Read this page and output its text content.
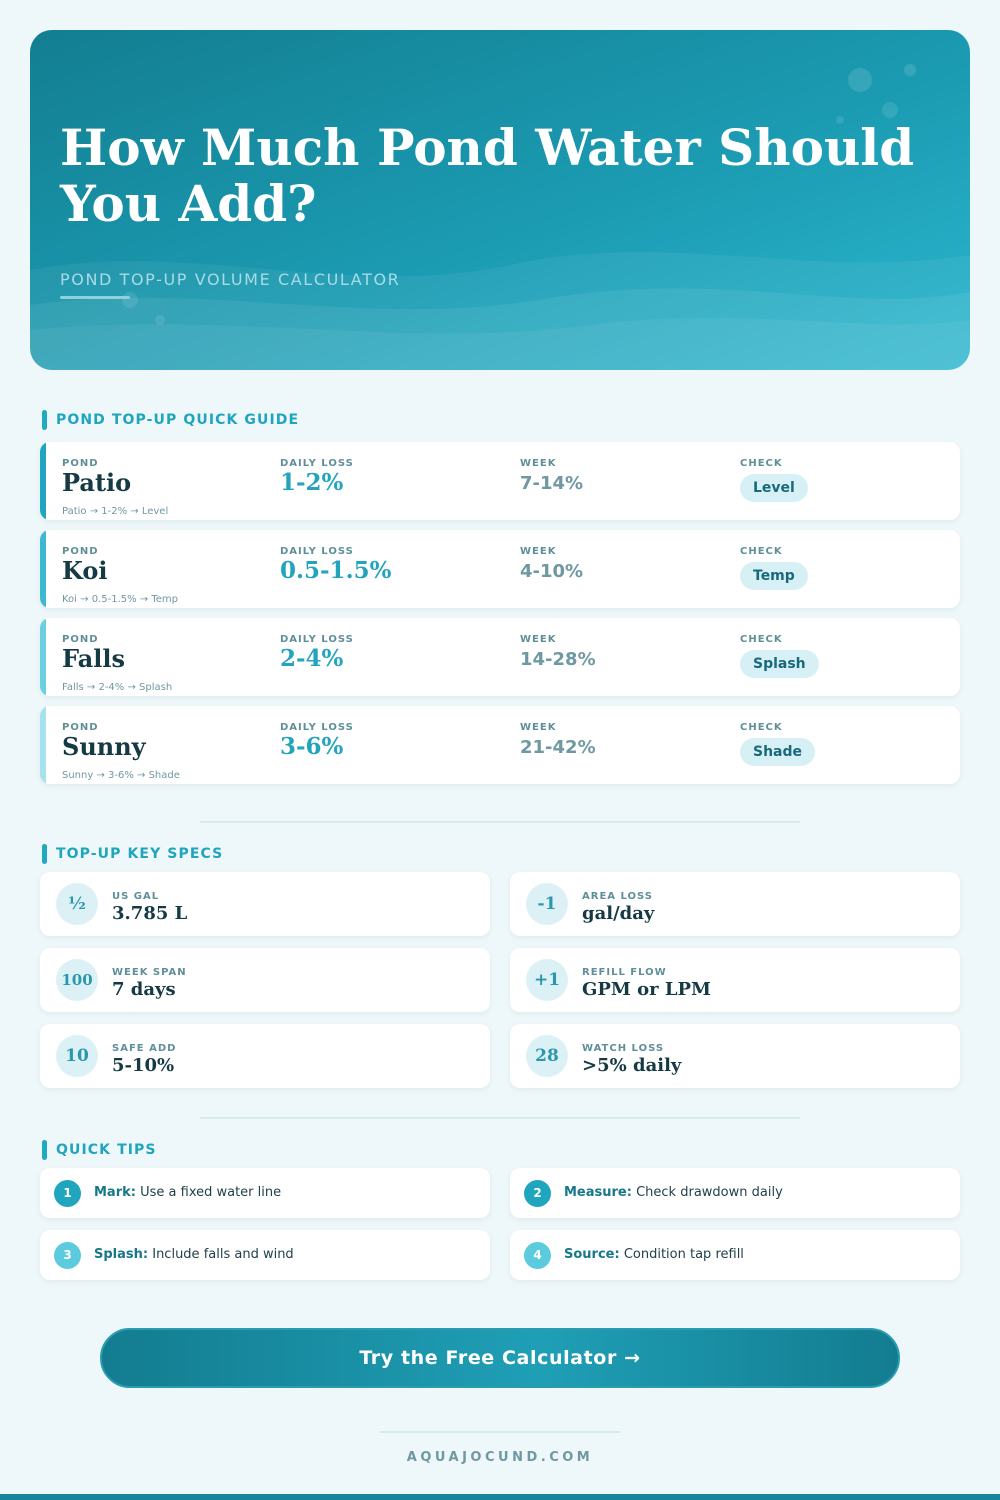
How Much Pond Water Should You Add?
POND TOP-UP VOLUME CALCULATOR
POND TOP-UP QUICK GUIDE
POND	DAILY LOSS	WEEK	CHECK
Patio	1-2%	7-14%	Level
Patio → 1-2% → Level
POND	DAILY LOSS	WEEK	CHECK
Koi	0.5-1.5%	4-10%	Temp
Koi → 0.5-1.5% → Temp
POND	DAILY LOSS	WEEK	CHECK
Falls	2-4%	14-28%	Splash
Falls → 2-4% → Splash
POND	DAILY LOSS	WEEK	CHECK
Sunny	3-6%	21-42%	Shade
Sunny → 3-6% → Shade
TOP-UP KEY SPECS
½	US GAL
3.785 L	-1	AREA LOSS
gal/day
100	WEEK SPAN
7 days	+1	REFILL FLOW
GPM or LPM
10	SAFE ADD
5-10%	28	WATCH LOSS
>5% daily
QUICK TIPS
1	Mark: Use a fixed water line	2	Measure: Check drawdown daily
3	Splash: Include falls and wind	4	Source: Condition tap refill
Try the Free Calculator →
AQUAJOCUND.COM
